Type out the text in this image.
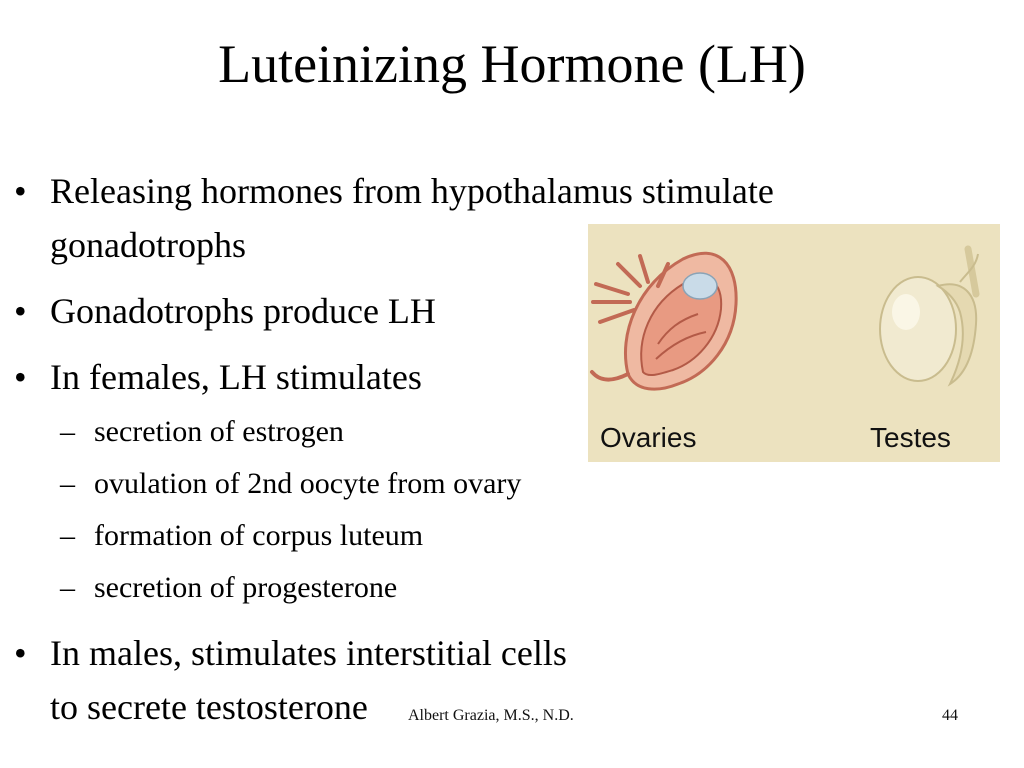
Luteinizing Hormone (LH)
• Releasing hormones from hypothalamus stimulate
gonadotrophs
• Gonadotrophs produce LH
• In females, LH stimulates
– secretion of estrogen
– ovulation of 2nd oocyte from ovary
– formation of corpus luteum
– secretion of progesterone
• In males, stimulates interstitial cells
to secrete testosterone
Ovaries	Testes
Albert Grazia, M.S., N.D.	44
